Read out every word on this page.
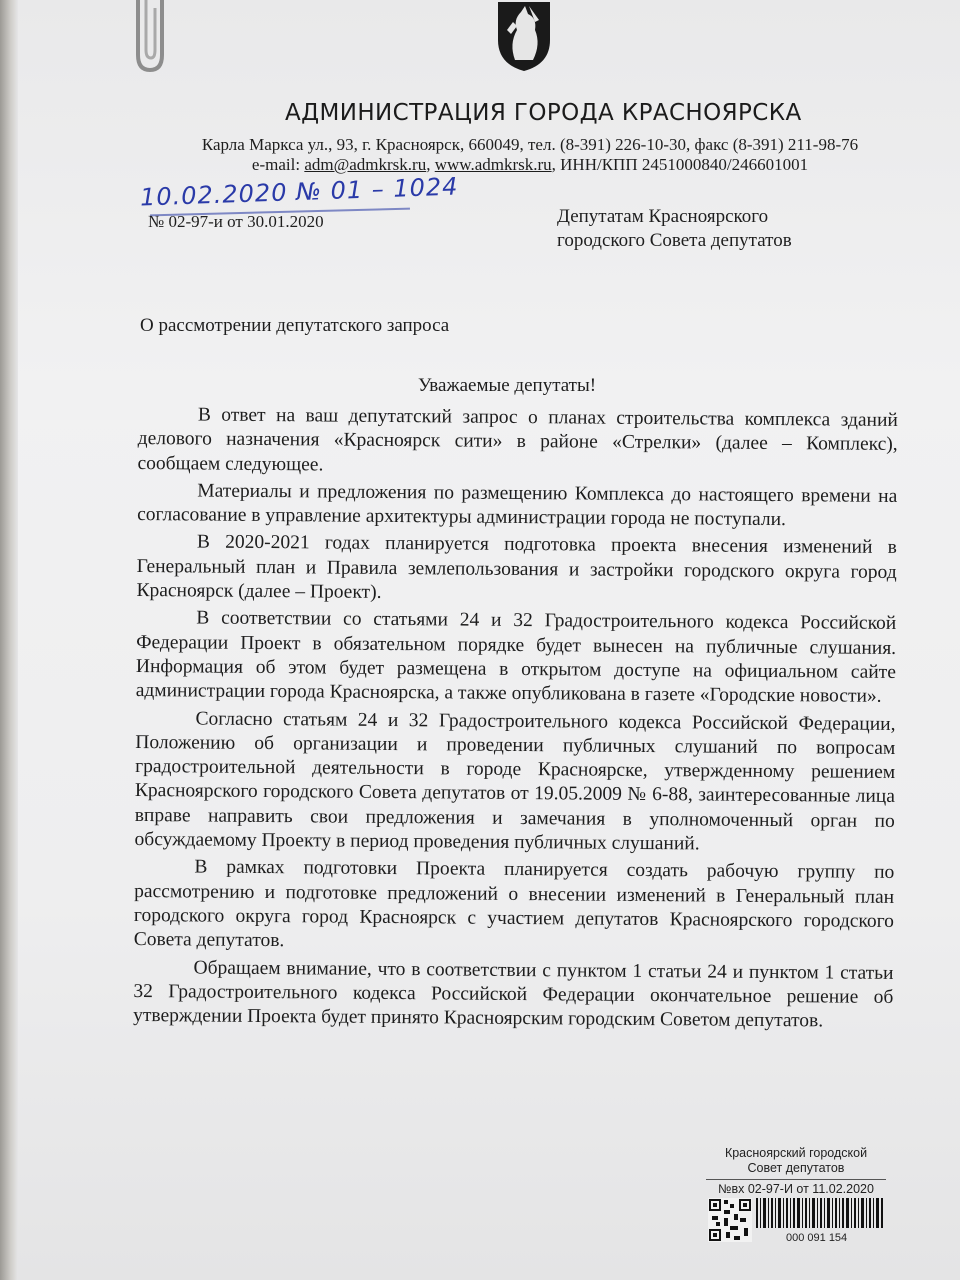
АДМИНИСТРАЦИЯ ГОРОДА КРАСНОЯРСКА
Карла Маркса ул., 93, г. Красноярск, 660049, тел. (8-391) 226-10-30, факс (8-391) 211-98-76
e-mail: adm@admkrsk.ru, www.admkrsk.ru, ИНН/КПП 2451000840/246601001
10.02.2020 № 01 – 1024
№ 02-97-и от 30.01.2020	Депутатам Красноярского
городского Совета депутатов
О рассмотрении депутатского запроса
Уважаемые депутаты!

В ответ на ваш депутатский запрос о планах строительства комплекса зданий делового назначения «Красноярск сити» в районе «Стрелки» (далее – Комплекс), сообщаем следующее.

Материалы и предложения по размещению Комплекса до настоящего времени на согласование в управление архитектуры администрации города не поступали.

В 2020-2021 годах планируется подготовка проекта внесения изменений в Генеральный план и Правила землепользования и застройки городского округа город Красноярск (далее – Проект).

В соответствии со статьями 24 и 32 Градостроительного кодекса Российской Федерации Проект в обязательном порядке будет вынесен на публичные слушания. Информация об этом будет размещена в открытом доступе на официальном сайте администрации города Красноярска, а также опубликована в газете «Городские новости».

Согласно статьям 24 и 32 Градостроительного кодекса Российской Федерации, Положению об организации и проведении публичных слушаний по вопросам градостроительной деятельности в городе Красноярске, утвержденному решением Красноярского городского Совета депутатов от 19.05.2009 № 6-88, заинтересованные лица вправе направить свои предложения и замечания в уполномоченный орган по обсуждаемому Проекту в период проведения публичных слушаний.

В рамках подготовки Проекта планируется создать рабочую группу по рассмотрению и подготовке предложений о внесении изменений в Генеральный план городского округа город Красноярск с участием депутатов Красноярского городского Совета депутатов.

Обращаем внимание, что в соответствии с пунктом 1 статьи 24 и пунктом 1 статьи 32 Градостроительного кодекса Российской Федерации окончательное решение об утверждении Проекта будет принято Красноярским городским Советом депутатов.

Красноярский городской
Совет депутатов
№вх 02-97-И от 11.02.2020
000 091 154
